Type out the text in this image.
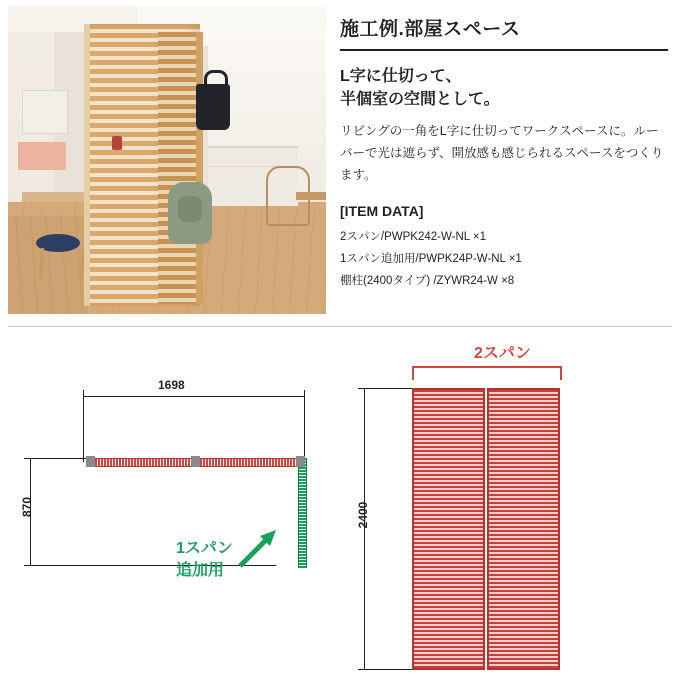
施工例.部屋スペース
L字に仕切って、
半個室の空間として。

リビングの一角をL字に仕切ってワークスペースに。ルーバーで光は遮らず、開放感も感じられるスペースをつくります。

[ITEM DATA]

2スパン/PWPK242-W-NL ×1

1スパン追加用/PWPK24P-W-NL ×1

棚柱(2400タイプ) /ZYWR24-W ×8

1698
870
1スパン
追加用
2スパン
2400
